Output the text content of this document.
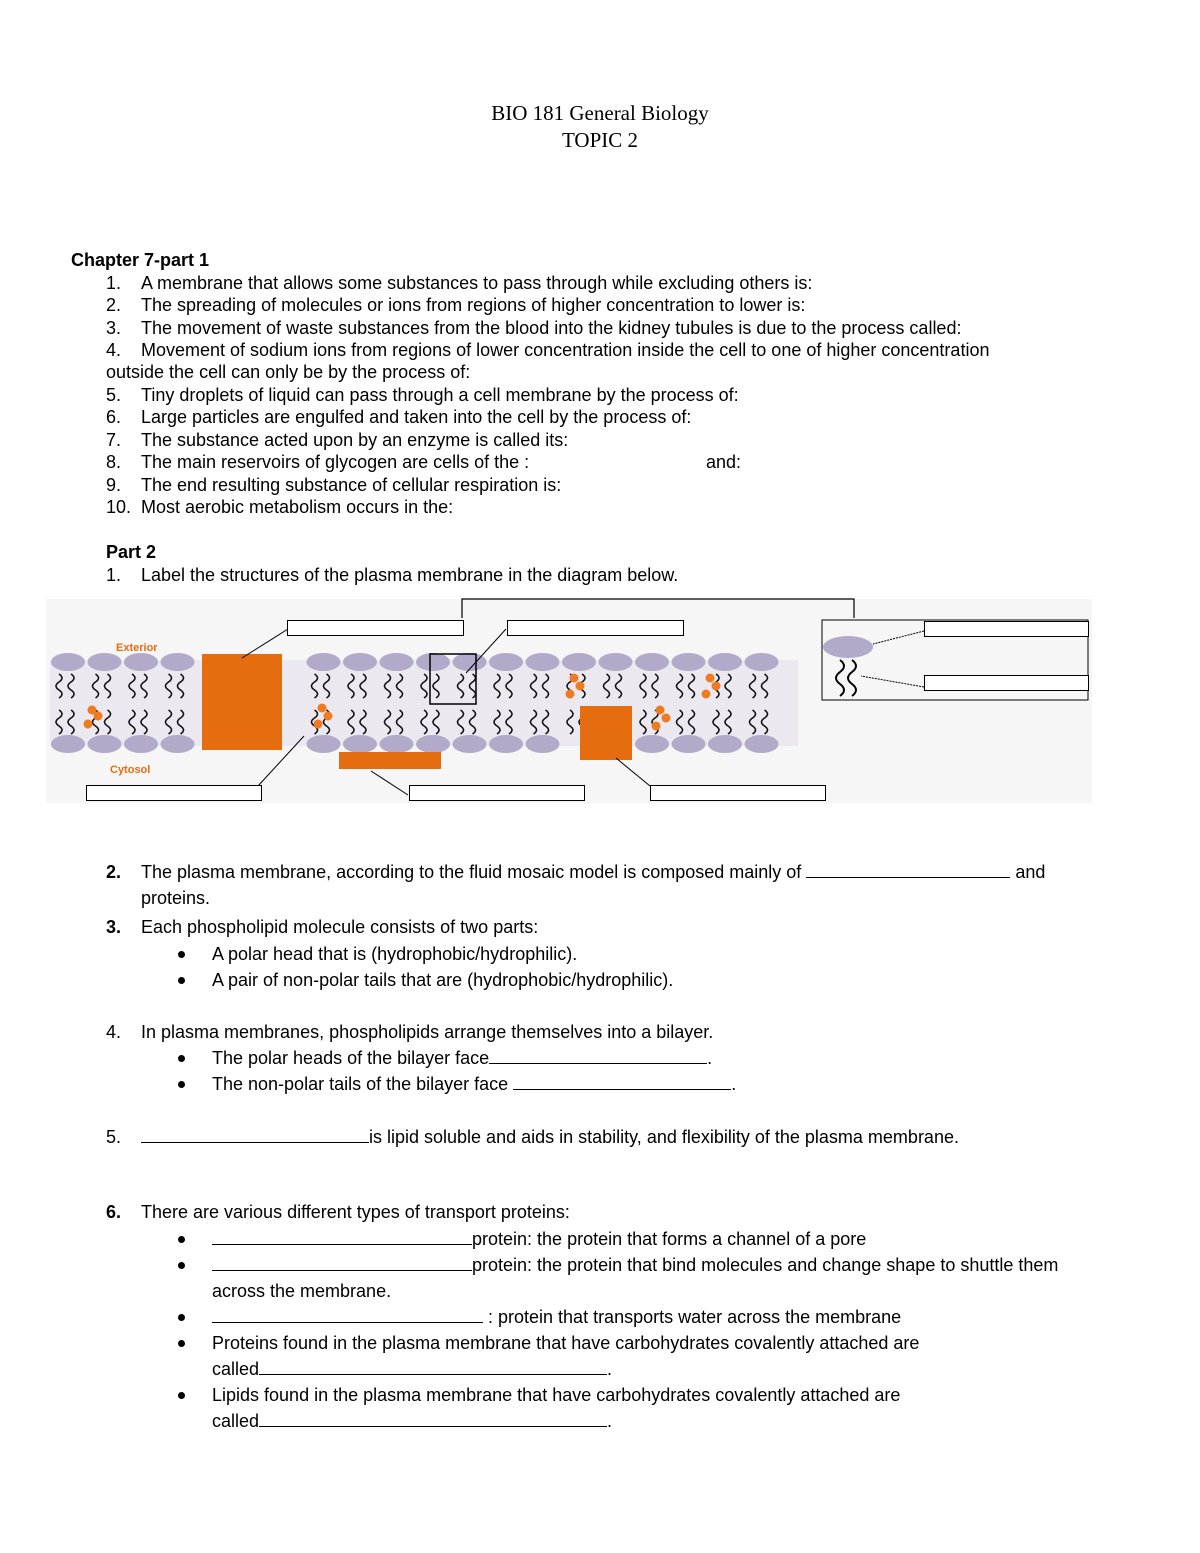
BIO 181 General Biology
TOPIC 2
Chapter 7-part 1
1. A membrane that allows some substances to pass through while excluding others is:
2. The spreading of molecules or ions from regions of higher concentration to lower is:
3. The movement of waste substances from the blood into the kidney tubules is due to the process called:
4. Movement of sodium ions from regions of lower concentration inside the cell to one of higher concentration
outside the cell can only be by the process of:
5. Tiny droplets of liquid can pass through a cell membrane by the process of:
6. Large particles are engulfed and taken into the cell by the process of:
7. The substance acted upon by an enzyme is called its:
8. The main reservoirs of glycogen are cells of the :	and:
9. The end resulting substance of cellular respiration is:
10. Most aerobic metabolism occurs in the:
Part 2
1. Label the structures of the plasma membrane in the diagram below.
Exterior
Cytosol
2. The plasma membrane, according to the fluid mosaic model is composed mainly of	and
proteins.
3. Each phospholipid molecule consists of two parts:
A polar head that is (hydrophobic/hydrophilic).
A pair of non-polar tails that are (hydrophobic/hydrophilic).
4. In plasma membranes, phospholipids arrange themselves into a bilayer.
The polar heads of the bilayer face	.
The non-polar tails of the bilayer face	.
5.	is lipid soluble and aids in stability, and flexibility of the plasma membrane.
6. There are various different types of transport proteins:
protein: the protein that forms a channel of a pore
protein: the protein that bind molecules and change shape to shuttle them
across the membrane.
: protein that transports water across the membrane
Proteins found in the plasma membrane that have carbohydrates covalently attached are
called	.
Lipids found in the plasma membrane that have carbohydrates covalently attached are
called	.
